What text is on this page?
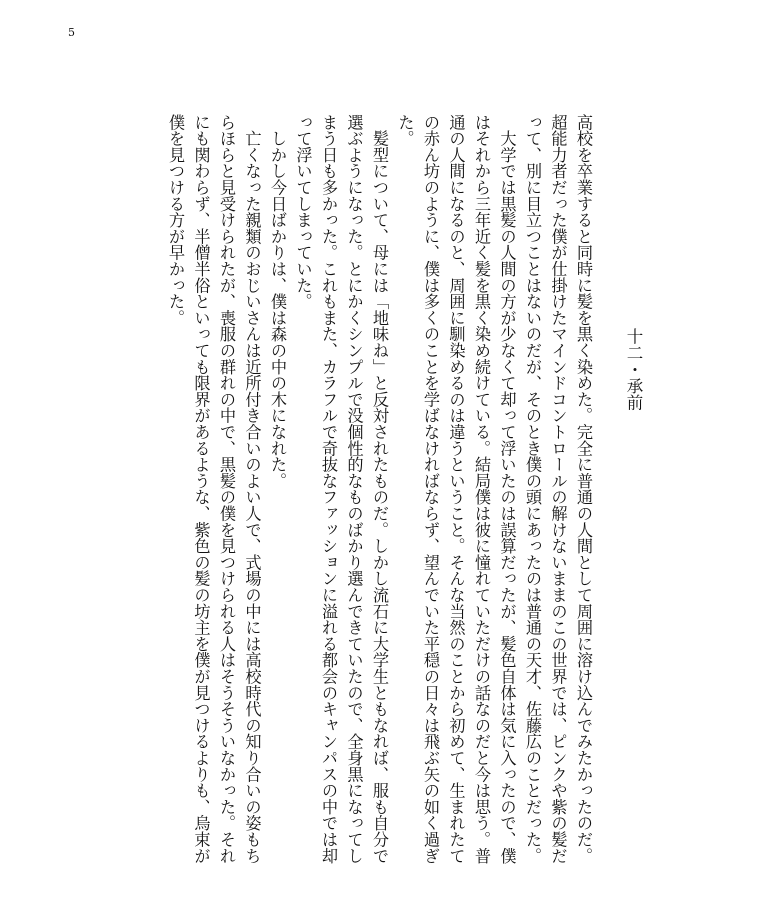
5
十二・承前

高校を卒業すると同時に髪を黒く染めた。完全に普通の人間として周囲に溶け込んでみたかったのだ。超能力者だった僕が仕掛けたマインドコントロールの解けないままのこの世界では、ピンクや紫の髪だって、別に目立つことはないのだが、そのとき僕の頭にあったのは普通の天才、佐藤広のことだった。

　大学では黒髪の人間の方が少なくて却って浮いたのは誤算だったが、髪色自体は気に入ったので、僕はそれから三年近く髪を黒く染め続けている。結局僕は彼に憧れていただけの話なのだと今は思う。普通の人間になるのと、周囲に馴染めるのは違うということ。そんな当然のことから初めて、生まれたての赤ん坊のように、僕は多くのことを学ばなければならず、望んでいた平穏の日々は飛ぶ矢の如く過ぎた。

　髪型について、母には「地味ね」と反対されたものだ。しかし流石に大学生ともなれば、服も自分で選ぶようになった。とにかくシンプルで没個性的なものばかり選んできていたので、全身黒になってしまう日も多かった。これもまた、カラフルで奇抜なファッションに溢れる都会のキャンパスの中では却って浮いてしまっていた。

　しかし今日ばかりは、僕は森の中の木になれた。

　亡くなった親類のおじいさんは近所付き合いのよい人で、式場の中には高校時代の知り合いの姿もちらほらと見受けられたが、喪服の群れの中で、黒髪の僕を見つけられる人はそうそういなかった。それにも関わらず、半僧半俗といっても限界があるような、紫色の髪の坊主を僕が見つけるよりも、烏束が僕を見つける方が早かった。
